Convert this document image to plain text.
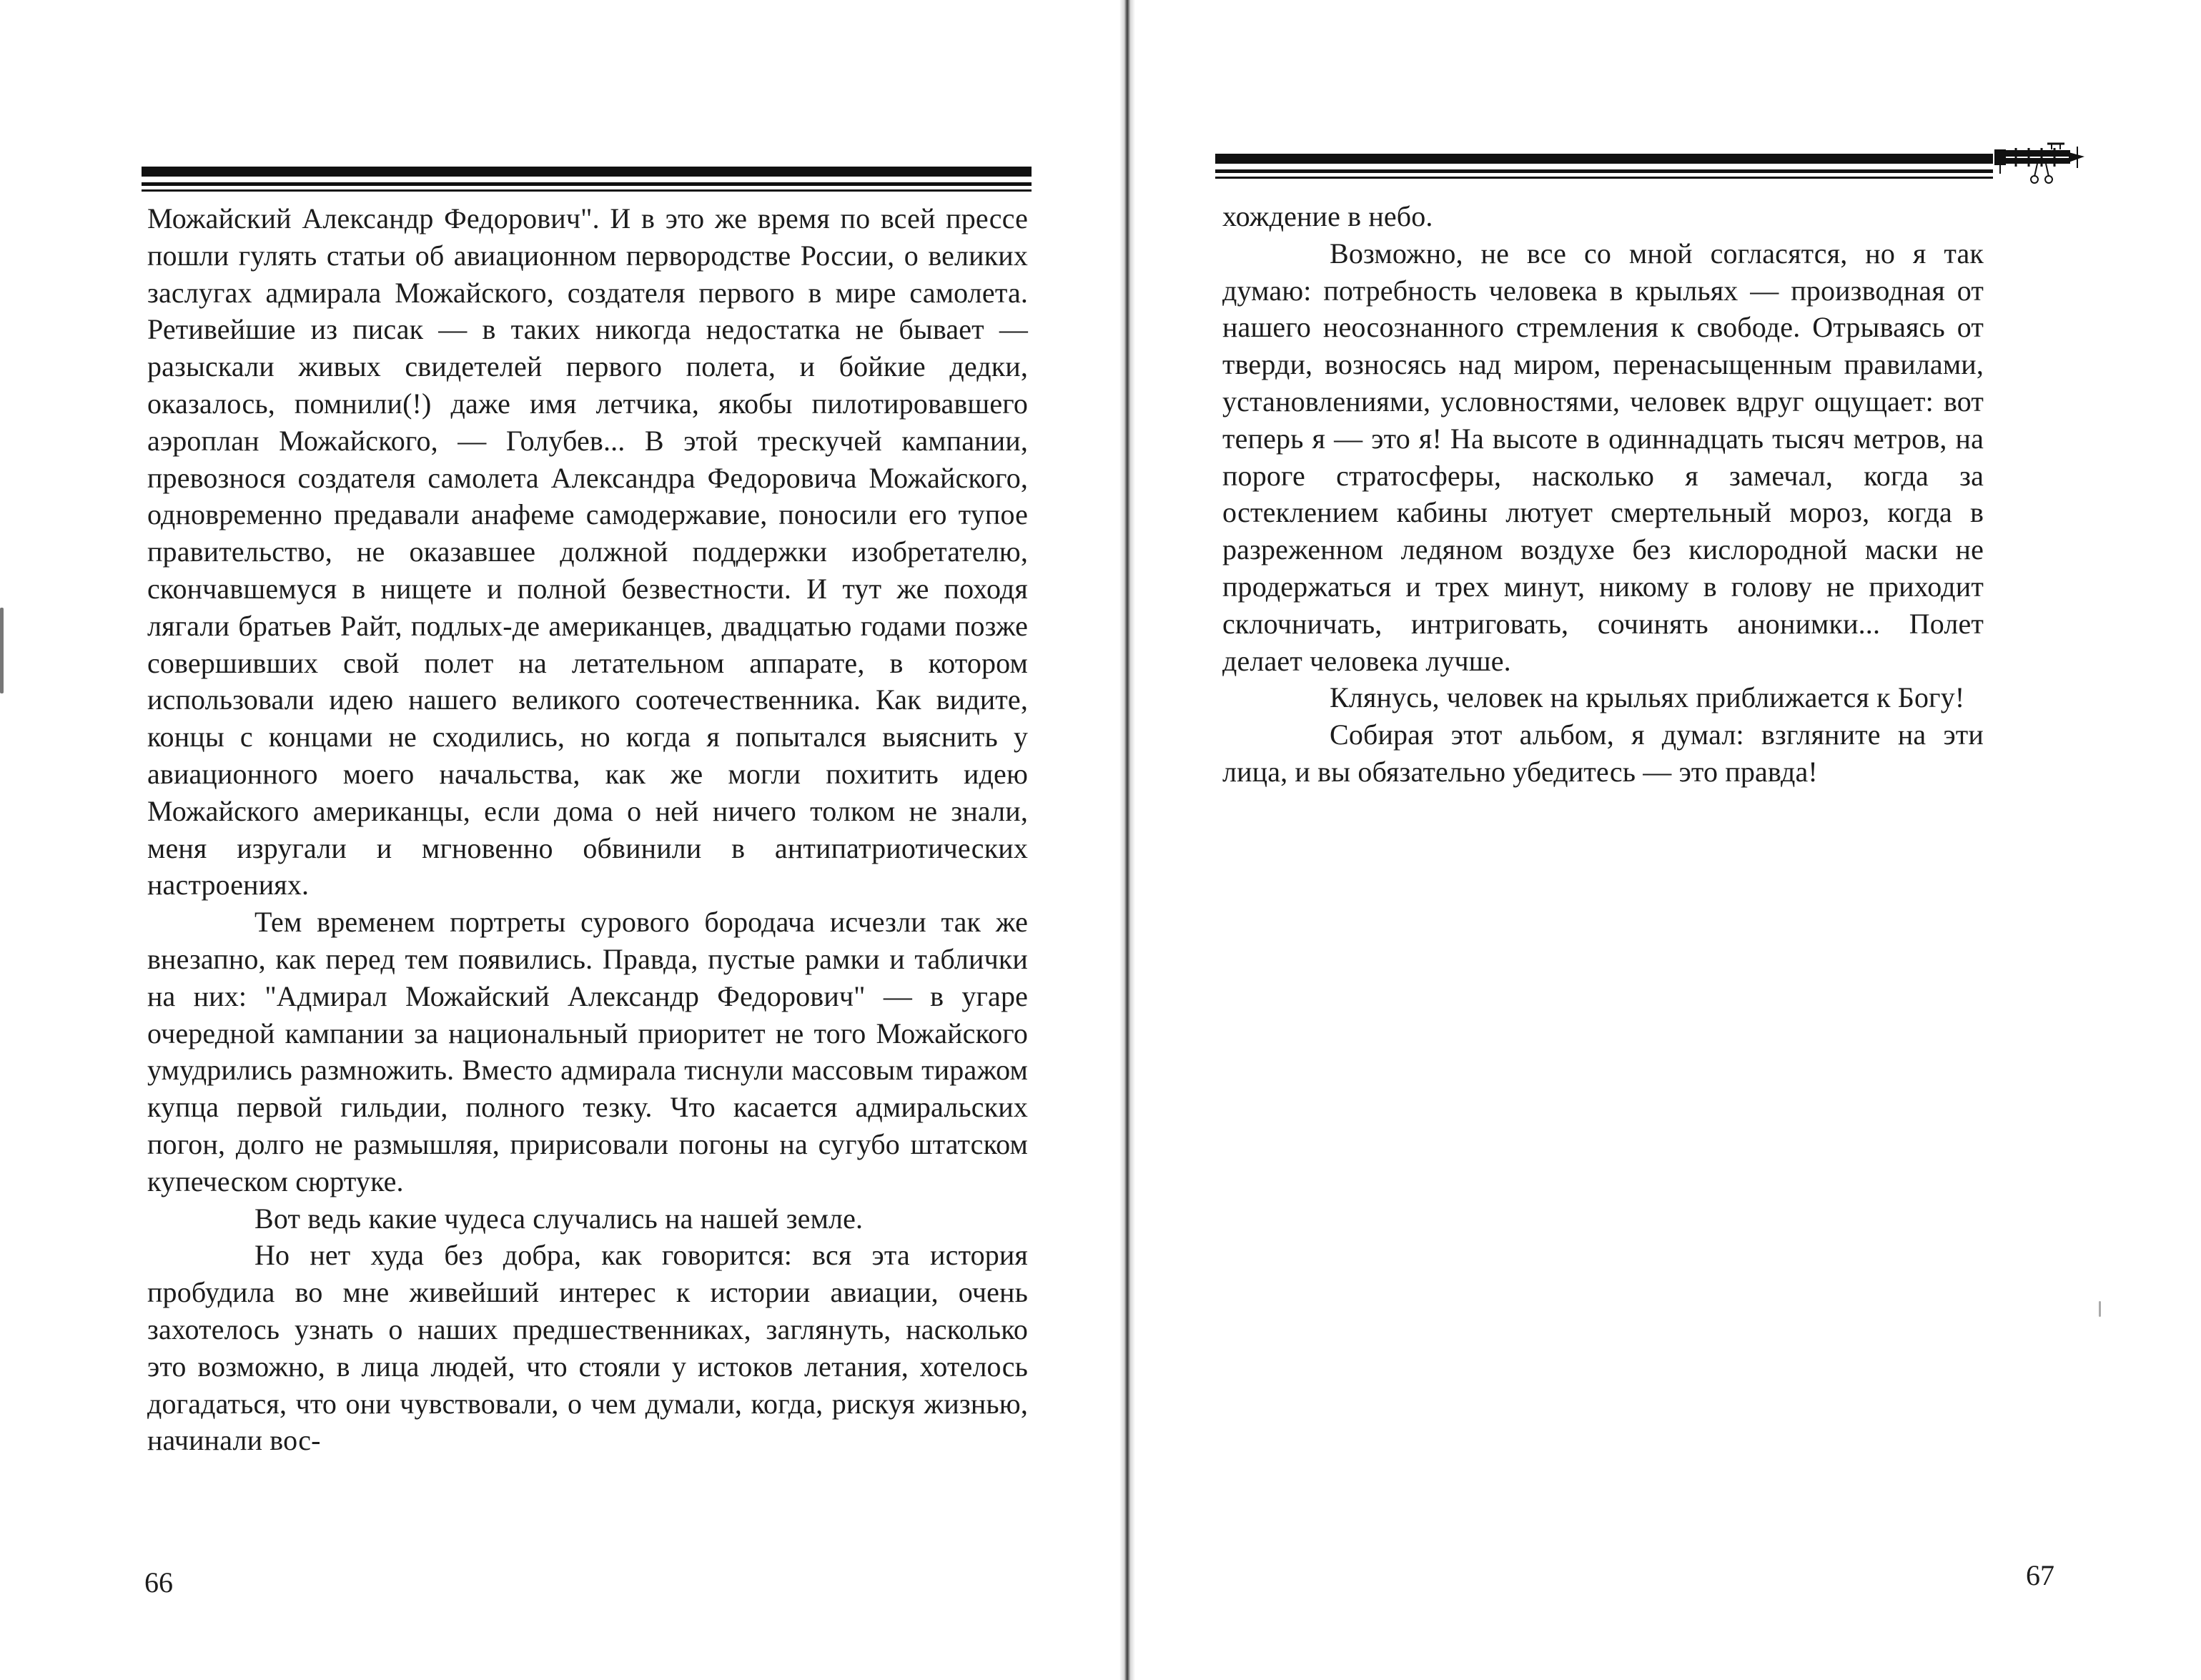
Можайский Александр Федорович". И в это же время по всей прессе пошли гулять статьи об авиационном первородстве России, о великих заслугах адмирала Можайского, создателя первого в мире самолета. Ретивейшие из писак — в таких никогда недостатка не бывает — разыскали живых свидетелей первого полета, и бойкие дедки, оказалось, помнили(!) даже имя летчика, якобы пилотировавшего аэроплан Можайского, — Голубев... В этой трескучей кампании, превознося создателя самолета Александра Федоровича Можайского, одновременно предавали анафеме самодержавие, поносили его тупое правительство, не оказавшее должной поддержки изобретателю, скончавшемуся в нищете и полной безвестности. И тут же походя лягали братьев Райт, подлых-де американцев, двадцатью годами позже совершивших свой полет на летательном аппарате, в котором использовали идею нашего великого соотечественника. Как видите, концы с концами не сходились, но когда я попытался выяснить у авиационного моего начальства, как же могли похитить идею Можайского американцы, если дома о ней ничего толком не знали, меня изругали и мгновенно обвинили в антипатриотических настроениях.

Тем временем портреты сурового бородача исчезли так же внезапно, как перед тем появились. Правда, пустые рамки и таблички на них: "Адмирал Можайский Александр Федорович" — в угаре очередной кампании за национальный приоритет не того Можайского умудрились размножить. Вместо адмирала тиснули массовым тиражом купца первой гильдии, полного тезку. Что касается адмиральских погон, долго не размышляя, пририсовали погоны на сугубо штатском купеческом сюртуке.

Вот ведь какие чудеса случались на нашей земле.

Но нет худа без добра, как говорится: вся эта история пробудила во мне живейший интерес к истории авиации, очень захотелось узнать о наших предшественниках, заглянуть, насколько это возможно, в лица людей, что стояли у истоков летания, хотелось догадаться, что они чувствовали, о чем думали, когда, рискуя жизнью, начинали вос-

66

хождение в небо.

Возможно, не все со мной согласятся, но я так думаю: потребность человека в крыльях — производная от нашего неосознанного стремления к свободе. Отрываясь от тверди, возносясь над миром, перенасыщенным правилами, установлениями, условностями, человек вдруг ощущает: вот теперь я — это я! На высоте в одиннадцать тысяч метров, на пороге стратосферы, насколько я замечал, когда за остеклением кабины лютует смертельный мороз, когда в разреженном ледяном воздухе без кислородной маски не продержаться и трех минут, никому в голову не приходит склочничать, интриговать, сочинять анонимки... Полет делает человека лучше.

Клянусь, человек на крыльях приближается к Богу!

Собирая этот альбом, я думал: взгляните на эти лица, и вы обязательно убедитесь — это правда!

67
